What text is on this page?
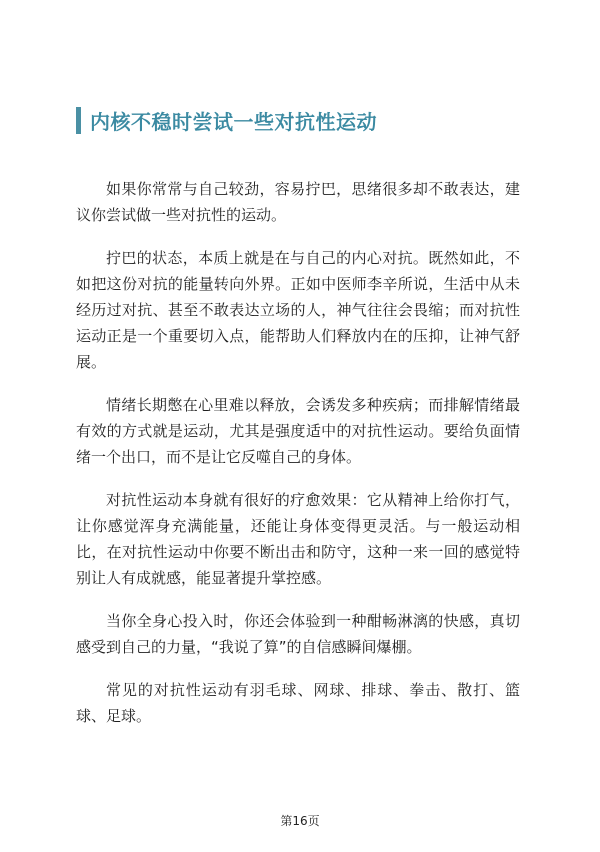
内核不稳时尝试一些对抗性运动

如果你常常与自己较劲，容易拧巴，思绪很多却不敢表达，建议你尝试做一些对抗性的运动。

拧巴的状态，本质上就是在与自己的内心对抗。既然如此，不如把这份对抗的能量转向外界。正如中医师李辛所说，生活中从未经历过对抗、甚至不敢表达立场的人，神气往往会畏缩；而对抗性运动正是一个重要切入点，能帮助人们释放内在的压抑，让神气舒展。

情绪长期憋在心里难以释放，会诱发多种疾病；而排解情绪最有效的方式就是运动，尤其是强度适中的对抗性运动。要给负面情绪一个出口，而不是让它反噬自己的身体。

对抗性运动本身就有很好的疗愈效果：它从精神上给你打气，让你感觉浑身充满能量，还能让身体变得更灵活。与一般运动相比，在对抗性运动中你要不断出击和防守，这种一来一回的感觉特别让人有成就感，能显著提升掌控感。

当你全身心投入时，你还会体验到一种酣畅淋漓的快感，真切感受到自己的力量，“我说了算”的自信感瞬间爆棚。

常见的对抗性运动有羽毛球、网球、排球、拳击、散打、篮球、足球。

第16页
